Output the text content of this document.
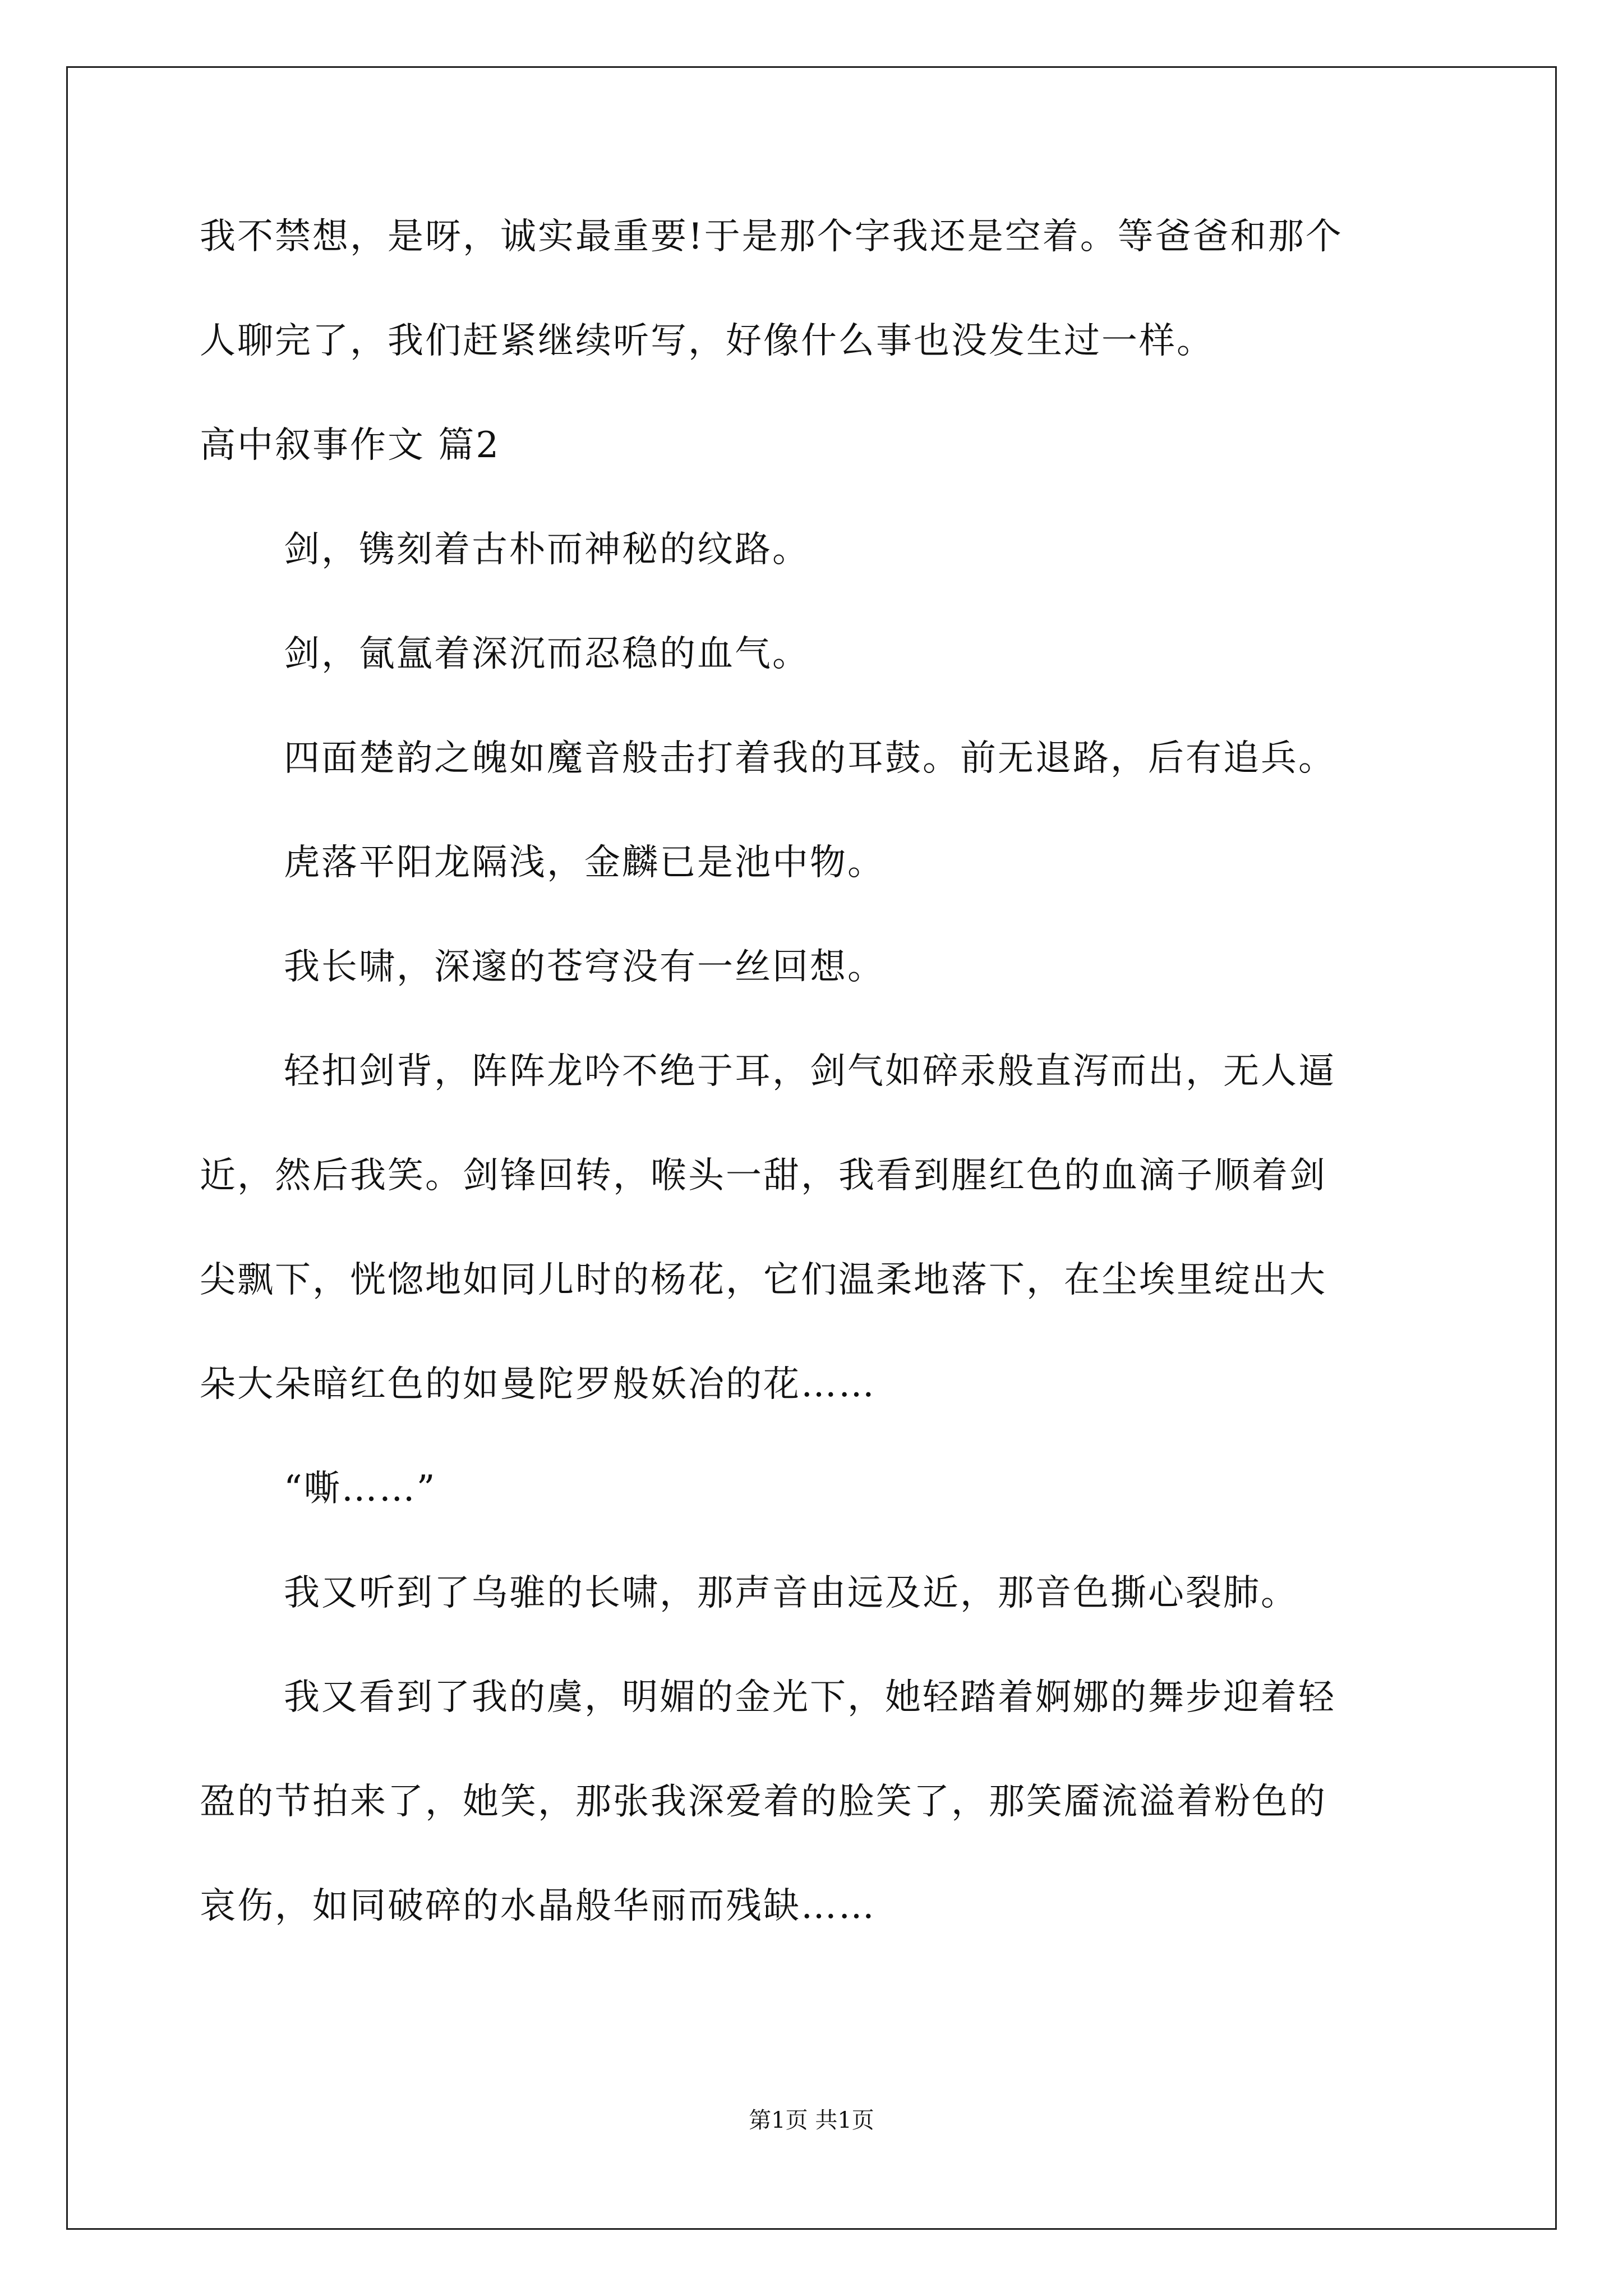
我不禁想，是呀，诚实最重要!于是那个字我还是空着。等爸爸和那个
人聊完了，我们赶紧继续听写，好像什么事也没发生过一样。
高中叙事作文 篇2
剑，镌刻着古朴而神秘的纹路。
剑，氤氲着深沉而忍稳的血气。
四面楚韵之魄如魔音般击打着我的耳鼓。前无退路，后有追兵。
虎落平阳龙隔浅，金麟已是池中物。
我长啸，深邃的苍穹没有一丝回想。
轻扣剑背，阵阵龙吟不绝于耳，剑气如碎汞般直泻而出，无人逼
近，然后我笑。剑锋回转，喉头一甜，我看到腥红色的血滴子顺着剑
尖飘下，恍惚地如同儿时的杨花，它们温柔地落下，在尘埃里绽出大
朵大朵暗红色的如曼陀罗般妖冶的花……
“嘶……”
我又听到了乌骓的长啸，那声音由远及近，那音色撕心裂肺。
我又看到了我的虞，明媚的金光下，她轻踏着婀娜的舞步迎着轻
盈的节拍来了，她笑，那张我深爱着的脸笑了，那笑靥流溢着粉色的
哀伤，如同破碎的水晶般华丽而残缺……
第1页 共1页
